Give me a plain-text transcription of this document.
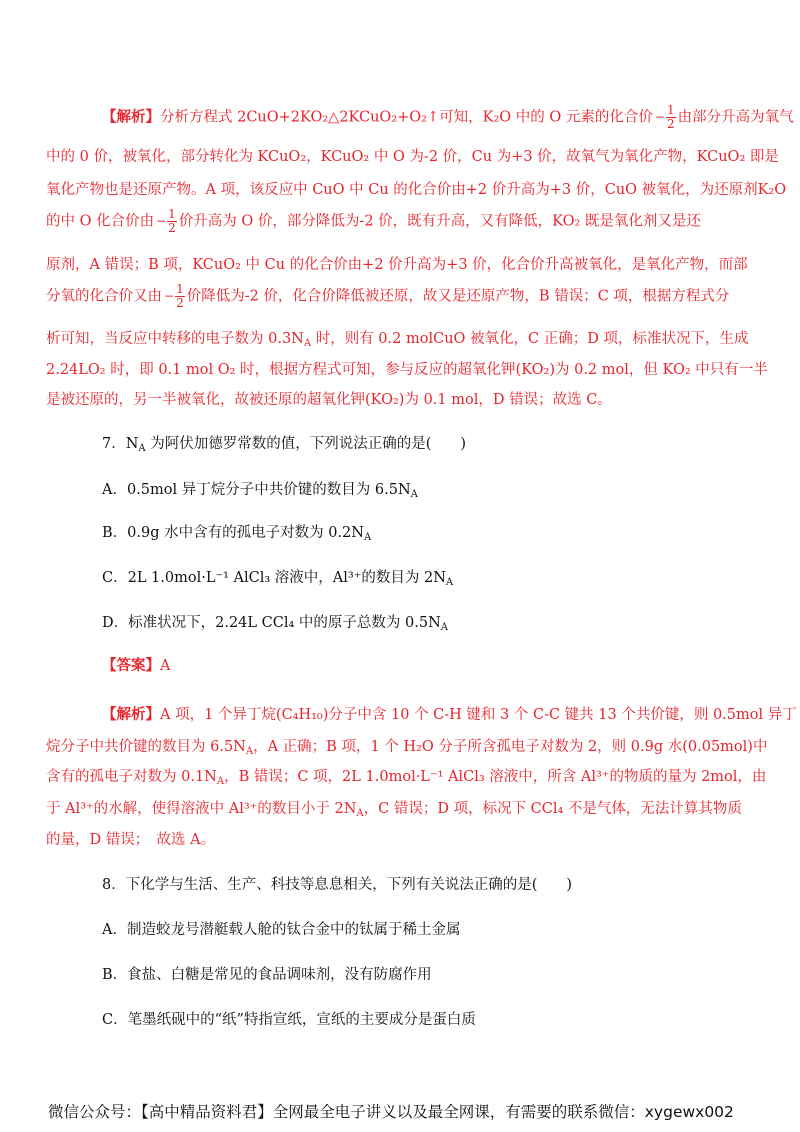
【解析】分析方程式 2CuO+2KO₂△2KCuO₂+O₂↑可知，K₂O 中的 O 元素的化合价 − $\frac{1}{2}$ 由部分升高为氧气
中的 0 价，被氧化，部分转化为 KCuO₂，KCuO₂ 中 O 为-2 价，Cu 为+3 价，故氧气为氧化产物，KCuO₂ 即是
氧化产物也是还原产物。A 项，该反应中 CuO 中 Cu 的化合价由+2 价升高为+3 价，CuO 被氧化，为还原剂K₂O
的中 O 化合价由 − $\frac{1}{2}$ 价升高为 O 价，部分降低为-2 价，既有升高，又有降低，KO₂ 既是氧化剂又是还
原剂，A 错误；B 项，KCuO₂ 中 Cu 的化合价由+2 价升高为+3 价，化合价升高被氧化，是氧化产物，而部
分氧的化合价又由 − $\frac{1}{2}$ 价降低为-2 价，化合价降低被还原，故又是还原产物，B 错误；C 项，根据方程式分
析可知，当反应中转移的电子数为 $0.3N_A$ 时，则有 0.2 molCuO 被氧化，C 正确；D 项，标准状况下，生成
2.24LO₂ 时，即 0.1 mol O₂ 时，根据方程式可知，参与反应的超氧化钾(KO₂)为 0.2 mol，但 KO₂ 中只有一半
是被还原的，另一半被氧化，故被还原的超氧化钾(KO₂)为 0.1 mol，D 错误；故选 C。
7．$N_A$ 为阿伏加德罗常数的值，下列说法正确的是(　　)
A．0.5mol 异丁烷分子中共价键的数目为 $6.5N_A$
B．0.9g 水中含有的孤电子对数为 $0.2N_A$
C．2L 1.0mol·L⁻¹ AlCl₃ 溶液中，Al³⁺的数目为 $2N_A$
D．标准状况下，2.24L CCl₄ 中的原子总数为 $0.5N_A$
【答案】A
【解析】A 项，1 个异丁烷(C₄H₁₀)分子中含 10 个 C-H 键和 3 个 C-C 键共 13 个共价键，则 0.5mol 异丁
烷分子中共价键的数目为 $6.5N_A$，A 正确；B 项，1 个 H₂O 分子所含孤电子对数为 2，则 0.9g 水(0.05mol)中
含有的孤电子对数为 $0.1N_A$，B 错误；C 项，2L 1.0mol·L⁻¹ AlCl₃ 溶液中，所含 Al³⁺的物质的量为 2mol，由
于 Al³⁺的水解，使得溶液中 Al³⁺的数目小于 $2N_A$，C 错误；D 项，标况下 CCl₄ 不是气体，无法计算其物质
的量，D 错误；　故选 A。
8．下化学与生活、生产、科技等息息相关，下列有关说法正确的是(　　)
A．制造蛟龙号潜艇载人舱的钛合金中的钛属于稀土金属
B．食盐、白糖是常见的食品调味剂，没有防腐作用
C．笔墨纸砚中的“纸”特指宣纸，宣纸的主要成分是蛋白质
微信公众号：【高中精品资料君】全网最全电子讲义以及最全网课，有需要的联系微信：xygewx002
